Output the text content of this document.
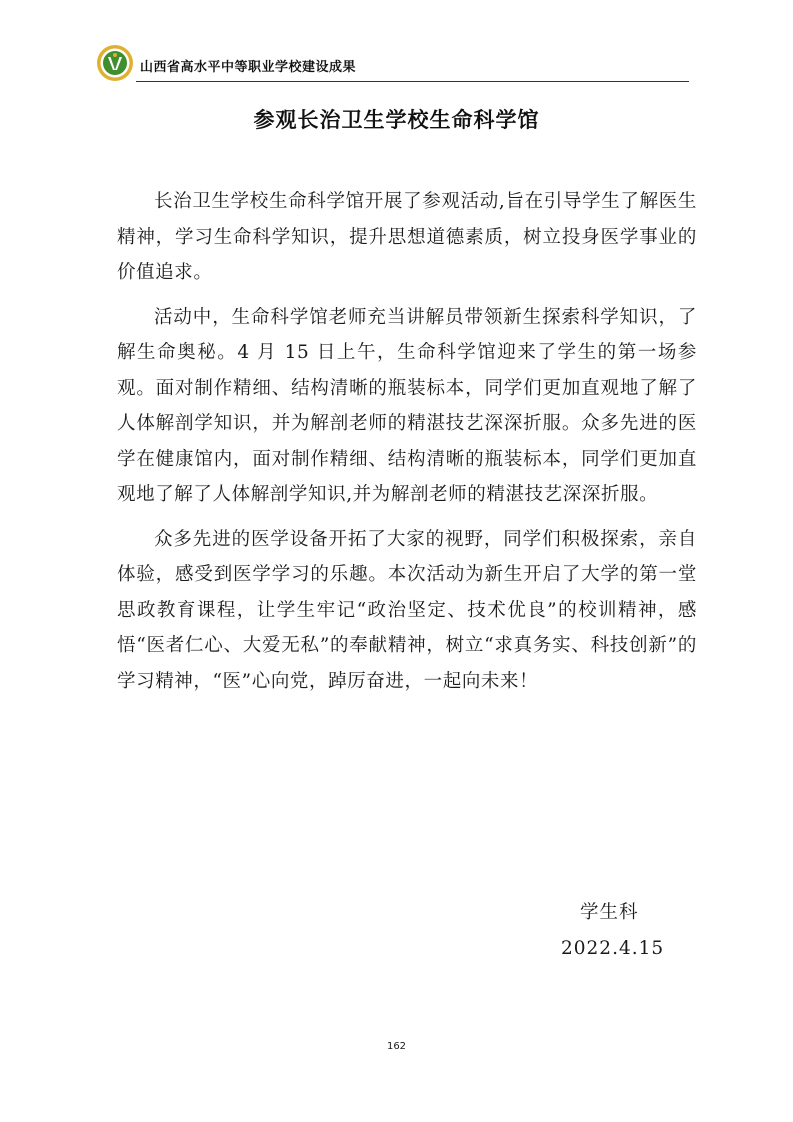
山西省高水平中等职业学校建设成果
参观长治卫生学校生命科学馆

长治卫生学校生命科学馆开展了参观活动,旨在引导学生了解医生精神，学习生命科学知识，提升思想道德素质，树立投身医学事业的价值追求。

活动中，生命科学馆老师充当讲解员带领新生探索科学知识，了解生命奥秘。4 月 15 日上午，生命科学馆迎来了学生的第一场参观。面对制作精细、结构清晰的瓶装标本，同学们更加直观地了解了人体解剖学知识，并为解剖老师的精湛技艺深深折服。众多先进的医学在健康馆内，面对制作精细、结构清晰的瓶装标本，同学们更加直观地了解了人体解剖学知识,并为解剖老师的精湛技艺深深折服。

众多先进的医学设备开拓了大家的视野，同学们积极探索，亲自体验，感受到医学学习的乐趣。本次活动为新生开启了大学的第一堂思政教育课程，让学生牢记“政治坚定、技术优良”的校训精神，感悟“医者仁心、大爱无私”的奉献精神，树立“求真务实、科技创新”的学习精神，“医”心向党，踔厉奋进，一起向未来！

学生科
2022.4.15
162
